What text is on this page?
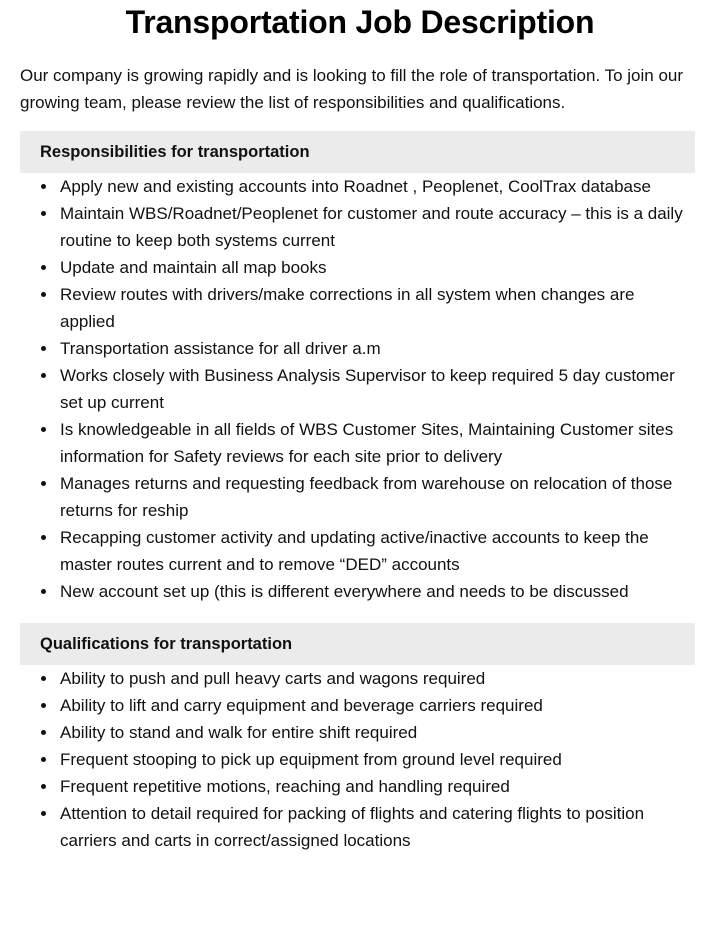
Transportation Job Description

Our company is growing rapidly and is looking to fill the role of transportation. To join our growing team, please review the list of responsibilities and qualifications.

Responsibilities for transportation
Apply new and existing accounts into Roadnet , Peoplenet, CoolTrax database
Maintain WBS/Roadnet/Peoplenet for customer and route accuracy – this is a daily routine to keep both systems current
Update and maintain all map books
Review routes with drivers/make corrections in all system when changes are applied
Transportation assistance for all driver a.m
Works closely with Business Analysis Supervisor to keep required 5 day customer set up current
Is knowledgeable in all fields of WBS Customer Sites, Maintaining Customer sites information for Safety reviews for each site prior to delivery
Manages returns and requesting feedback from warehouse on relocation of those returns for reship
Recapping customer activity and updating active/inactive accounts to keep the master routes current and to remove “DED” accounts
New account set up (this is different everywhere and needs to be discussed
Qualifications for transportation
Ability to push and pull heavy carts and wagons required
Ability to lift and carry equipment and beverage carriers required
Ability to stand and walk for entire shift required
Frequent stooping to pick up equipment from ground level required
Frequent repetitive motions, reaching and handling required
Attention to detail required for packing of flights and catering flights to position carriers and carts in correct/assigned locations
